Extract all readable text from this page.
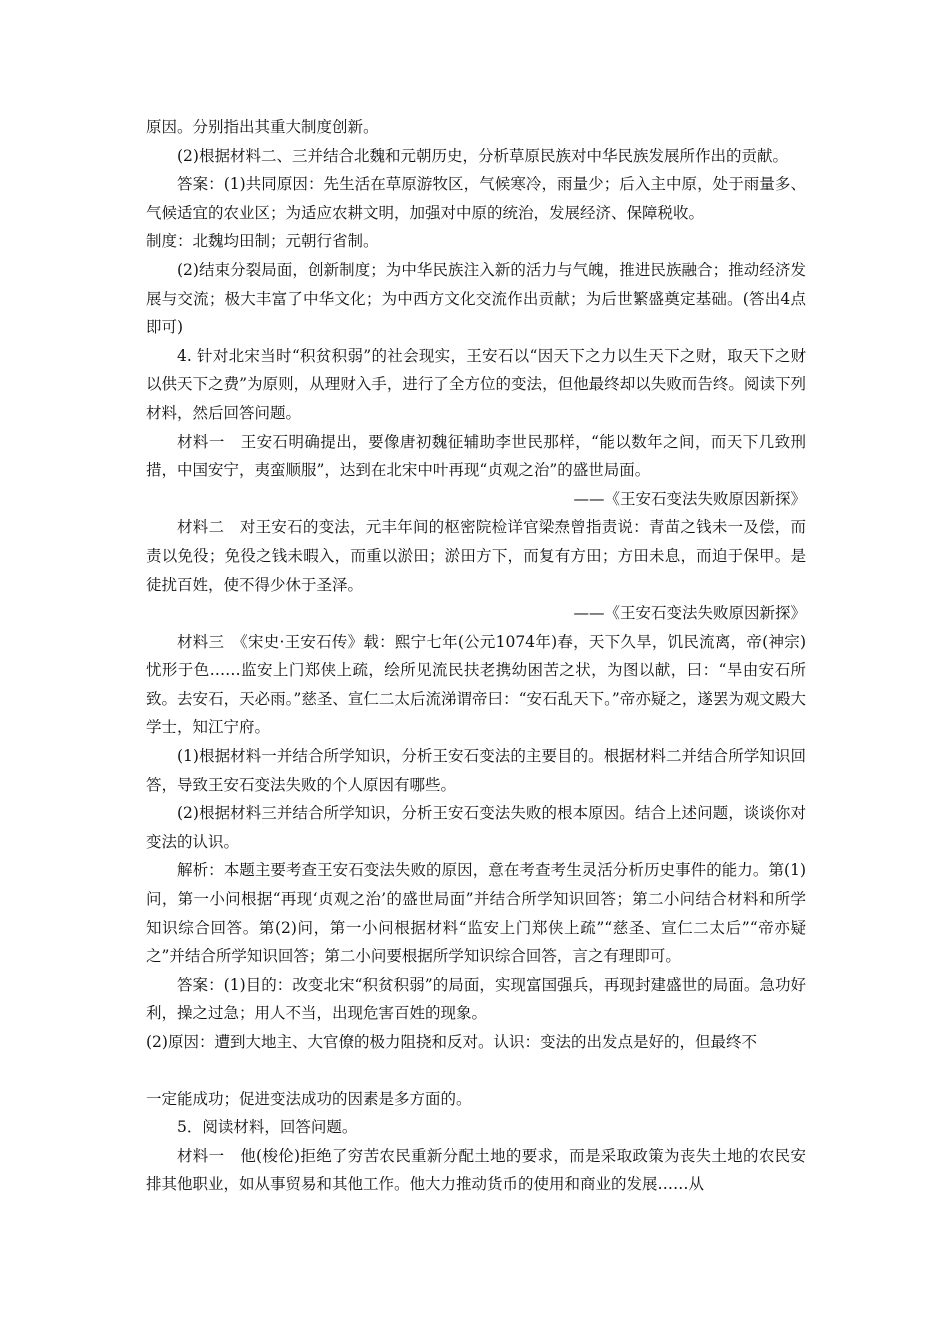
原因。分别指出其重大制度创新。

(2)根据材料二、三并结合北魏和元朝历史，分析草原民族对中华民族发展所作出的贡献。

答案：(1)共同原因：先生活在草原游牧区，气候寒冷，雨量少；后入主中原，处于雨量多、气候适宜的农业区；为适应农耕文明，加强对中原的统治，发展经济、保障税收。

制度：北魏均田制；元朝行省制。

(2)结束分裂局面，创新制度；为中华民族注入新的活力与气魄，推进民族融合；推动经济发展与交流；极大丰富了中华文化；为中西方文化交流作出贡献；为后世繁盛奠定基础。(答出4点即可)

4. 针对北宋当时“积贫积弱”的社会现实，王安石以“因天下之力以生天下之财，取天下之财以供天下之费”为原则，从理财入手，进行了全方位的变法，但他最终却以失败而告终。阅读下列材料，然后回答问题。

材料一　王安石明确提出，要像唐初魏征辅助李世民那样，“能以数年之间，而天下几致刑措，中国安宁，夷蛮顺服”，达到在北宋中叶再现“贞观之治”的盛世局面。

——《王安石变法失败原因新探》

材料二　对王安石的变法，元丰年间的枢密院检详官梁焘曾指责说：青苗之钱未一及偿，而责以免役；免役之钱未暇入，而重以淤田；淤田方下，而复有方田；方田未息，而迫于保甲。是徒扰百姓，使不得少休于圣泽。

——《王安石变法失败原因新探》

材料三　《宋史·王安石传》载：熙宁七年(公元1074年)春，天下久旱，饥民流离，帝(神宗)忧形于色……监安上门郑侠上疏，绘所见流民扶老携幼困苦之状，为图以献，曰：“旱由安石所致。去安石，天必雨。”慈圣、宣仁二太后流涕谓帝曰：“安石乱天下。”帝亦疑之，遂罢为观文殿大学士，知江宁府。

(1)根据材料一并结合所学知识，分析王安石变法的主要目的。根据材料二并结合所学知识回答，导致王安石变法失败的个人原因有哪些。

(2)根据材料三并结合所学知识，分析王安石变法失败的根本原因。结合上述问题，谈谈你对变法的认识。

解析：本题主要考查王安石变法失败的原因，意在考查考生灵活分析历史事件的能力。第(1)问，第一小问根据“再现‘贞观之治’的盛世局面”并结合所学知识回答；第二小问结合材料和所学知识综合回答。第(2)问，第一小问根据材料“监安上门郑侠上疏”“慈圣、宣仁二太后”“帝亦疑之”并结合所学知识回答；第二小问要根据所学知识综合回答，言之有理即可。

答案：(1)目的：改变北宋“积贫积弱”的局面，实现富国强兵，再现封建盛世的局面。急功好利，操之过急；用人不当，出现危害百姓的现象。

(2)原因：遭到大地主、大官僚的极力阻挠和反对。认识：变法的出发点是好的，但最终不

一定能成功；促进变法成功的因素是多方面的。

5．阅读材料，回答问题。

材料一　他(梭伦)拒绝了穷苦农民重新分配土地的要求，而是采取政策为丧失土地的农民安排其他职业，如从事贸易和其他工作。他大力推动货币的使用和商业的发展……从
